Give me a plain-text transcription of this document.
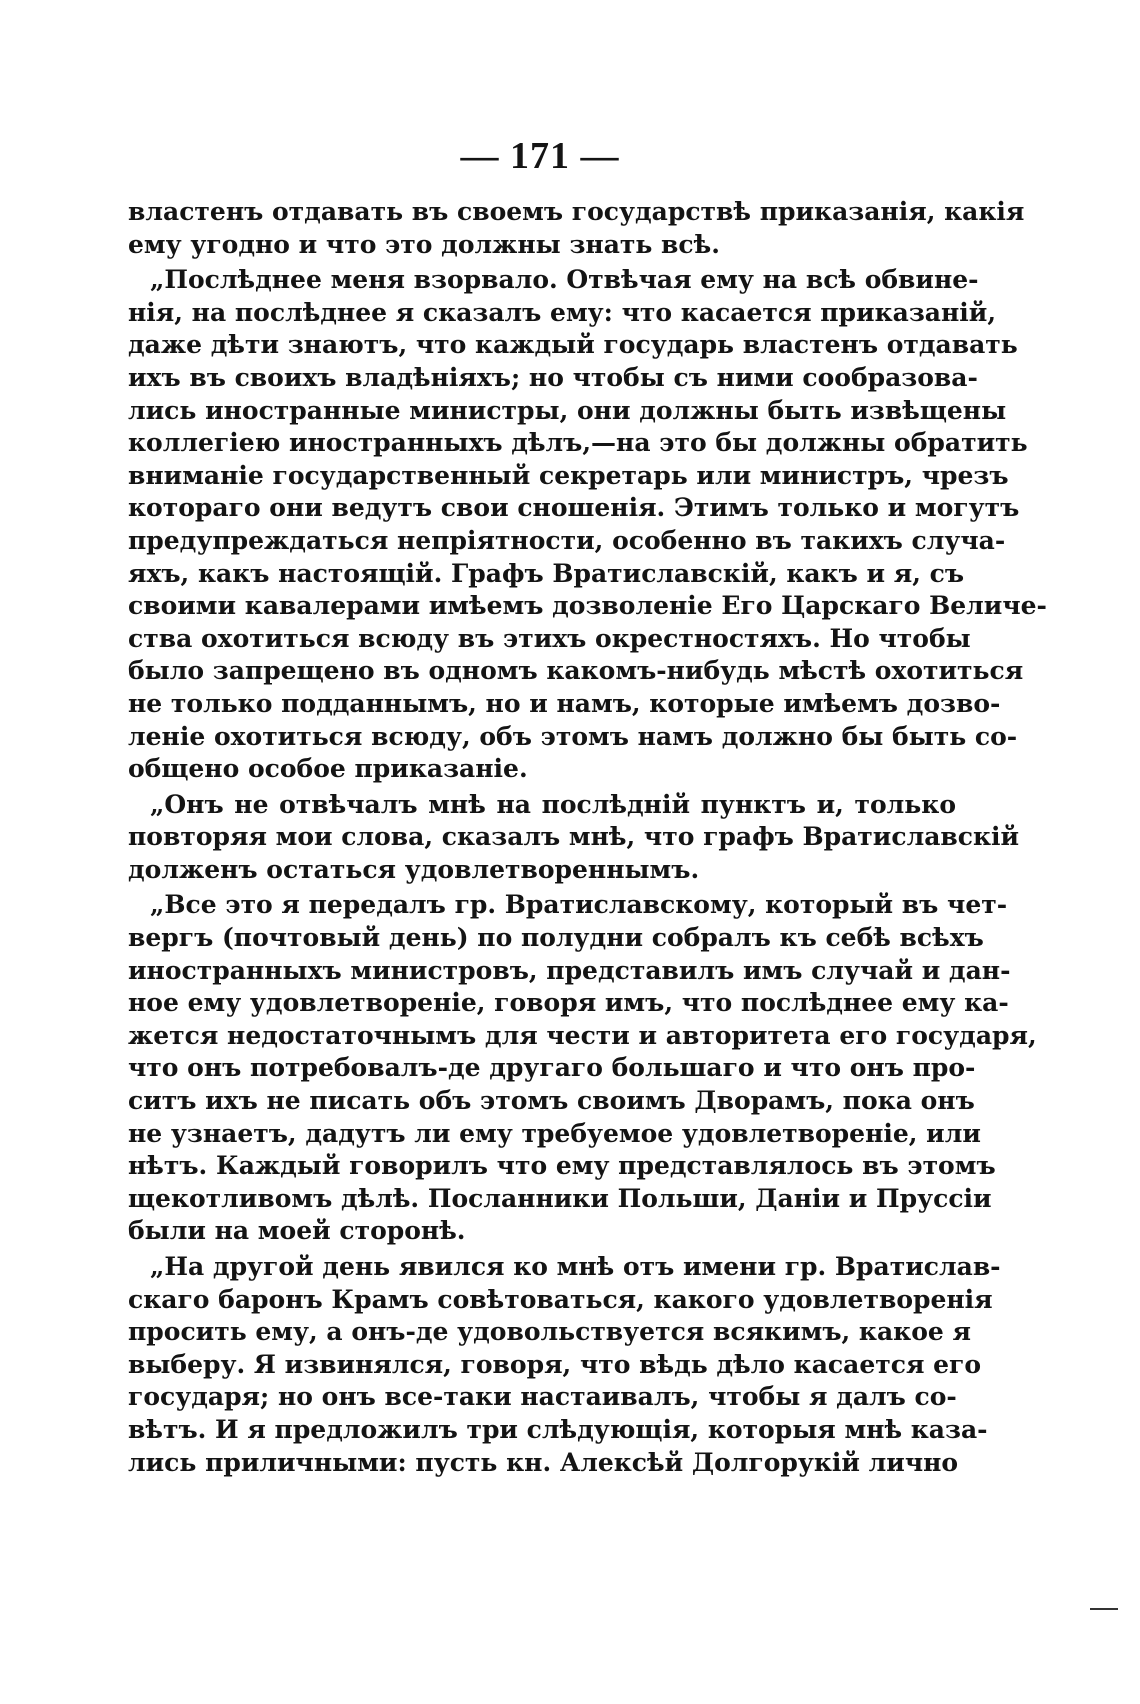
— 171 —
властенъ отдавать въ своемъ государствѣ приказанія, какія
ему угодно и что это должны знать всѣ.
„Послѣднее меня взорвало. Отвѣчая ему на всѣ обвине-
нія, на послѣднее я сказалъ ему: что касается приказаній,
даже дѣти знаютъ, что каждый государь властенъ отдавать
ихъ въ своихъ владѣніяхъ; но чтобы съ ними сообразова-
лись иностранные министры, они должны быть извѣщены
коллегіею иностранныхъ дѣлъ,—на это бы должны обратить
вниманіе государственный секретарь или министръ, чрезъ
котораго они ведутъ свои сношенія. Этимъ только и могутъ
предупреждаться непріятности, особенно въ такихъ случа-
яхъ, какъ настоящій. Графъ Вратиславскій, какъ и я, съ
своими кавалерами имѣемъ дозволеніе Его Царскаго Величе-
ства охотиться всюду въ этихъ окрестностяхъ. Но чтобы
было запрещено въ одномъ какомъ-нибудь мѣстѣ охотиться
не только подданнымъ, но и намъ, которые имѣемъ дозво-
леніе охотиться всюду, объ этомъ намъ должно бы быть со-
общено особое приказаніе.
„Онъ не отвѣчалъ мнѣ на послѣдній пунктъ и, только
повторяя мои слова, сказалъ мнѣ, что графъ Вратиславскій
долженъ остаться удовлетвореннымъ.
„Все это я передалъ гр. Вратиславскому, который въ чет-
вергъ (почтовый день) по полудни собралъ къ себѣ всѣхъ
иностранныхъ министровъ, представилъ имъ случай и дан-
ное ему удовлетвореніе, говоря имъ, что послѣднее ему ка-
жется недостаточнымъ для чести и авторитета его государя,
что онъ потребовалъ-де другаго большаго и что онъ про-
ситъ ихъ не писать объ этомъ своимъ Дворамъ, пока онъ
не узнаетъ, дадутъ ли ему требуемое удовлетвореніе, или
нѣтъ. Каждый говорилъ что ему представлялось въ этомъ
щекотливомъ дѣлѣ. Посланники Польши, Даніи и Пруссіи
были на моей сторонѣ.
„На другой день явился ко мнѣ отъ имени гр. Вратислав-
скаго баронъ Крамъ совѣтоваться, какого удовлетворенія
просить ему, а онъ-де удовольствуется всякимъ, какое я
выберу. Я извинялся, говоря, что вѣдь дѣло касается его
государя; но онъ все-таки настаивалъ, чтобы я далъ со-
вѣтъ. И я предложилъ три слѣдующія, которыя мнѣ каза-
лись приличными: пусть кн. Алексѣй Долгорукій лично
